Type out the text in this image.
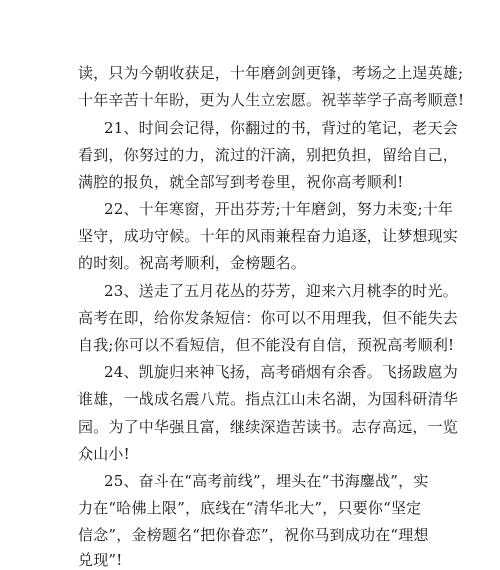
读，只为今朝收获足，十年磨剑剑更锋，考场之上逞英雄;
十年辛苦十年盼，更为人生立宏愿。祝莘莘学子高考顺意!
21、时间会记得，你翻过的书，背过的笔记，老天会
看到，你努过的力，流过的汗滴，别把负担，留给自己，
满腔的报负，就全部写到考卷里，祝你高考顺利!
22、十年寒窗，开出芬芳;十年磨剑，努力未变;十年
坚守，成功守候。十年的风雨兼程奋力追逐，让梦想现实
的时刻。祝高考顺利，金榜题名。
23、送走了五月花丛的芬芳，迎来六月桃李的时光。
高考在即，给你发条短信：你可以不用理我，但不能失去
自我;你可以不看短信，但不能没有自信，预祝高考顺利!
24、凯旋归来神飞扬，高考硝烟有余香。飞扬跋扈为
谁雄，一战成名震八荒。指点江山未名湖，为国科研清华
园。为了中华强且富，继续深造苦读书。志存高远，一览
众山小!
25、奋斗在“高考前线”，埋头在“书海鏖战”，实
力在“哈佛上限”，底线在“清华北大”，只要你“坚定
信念”，金榜题名“把你眷恋”，祝你马到成功在“理想
兑现”!
